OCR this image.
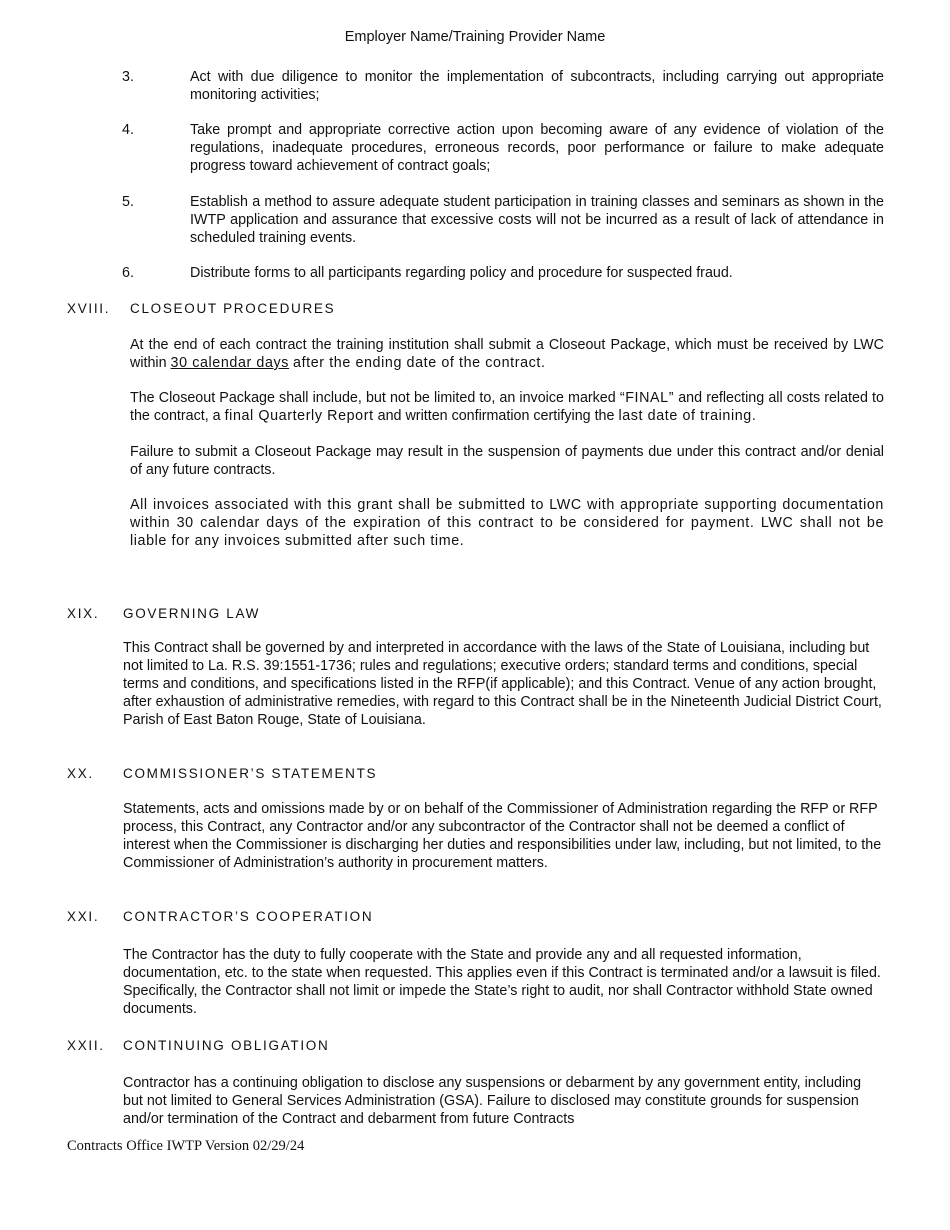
Employer Name/Training Provider Name
3.	Act with due diligence to monitor the implementation of subcontracts, including carrying out appropriate monitoring activities;
4.	Take prompt and appropriate corrective action upon becoming aware of any evidence of violation of the regulations, inadequate procedures, erroneous records, poor performance or failure to make adequate progress toward achievement of contract goals;
5.	Establish a method to assure adequate student participation in training classes and seminars as shown in the IWTP application and assurance that excessive costs will not be incurred as a result of lack of attendance in scheduled training events.
6.	Distribute forms to all participants regarding policy and procedure for suspected fraud.
XVIII. CLOSEOUT PROCEDURES
At the end of each contract the training institution shall submit a Closeout Package, which must be received by LWC within 30 calendar days after the ending date of the contract.
The Closeout Package shall include, but not be limited to, an invoice marked “FINAL” and reflecting all costs related to the contract, a final Quarterly Report and written confirmation certifying the last date of training.
Failure to submit a Closeout Package may result in the suspension of payments due under this contract and/or denial of any future contracts.
All invoices associated with this grant shall be submitted to LWC with appropriate supporting documentation within 30 calendar days of the expiration of this contract to be considered for payment. LWC shall not be liable for any invoices submitted after such time.
XIX. GOVERNING LAW
This Contract shall be governed by and interpreted in accordance with the laws of the State of Louisiana, including but not limited to La. R.S. 39:1551-1736; rules and regulations; executive orders; standard terms and conditions, special terms and conditions, and specifications listed in the RFP(if applicable); and this Contract. Venue of any action brought, after exhaustion of administrative remedies, with regard to this Contract shall be in the Nineteenth Judicial District Court, Parish of East Baton Rouge, State of Louisiana.
XX. COMMISSIONER’S STATEMENTS
Statements, acts and omissions made by or on behalf of the Commissioner of Administration regarding the RFP or RFP process, this Contract, any Contractor and/or any subcontractor of the Contractor shall not be deemed a conflict of interest when the Commissioner is discharging her duties and responsibilities under law, including, but not limited, to the Commissioner of Administration’s authority in procurement matters.
XXI. CONTRACTOR’S COOPERATION
The Contractor has the duty to fully cooperate with the State and provide any and all requested information, documentation, etc. to the state when requested. This applies even if this Contract is terminated and/or a lawsuit is filed. Specifically, the Contractor shall not limit or impede the State’s right to audit, nor shall Contractor withhold State owned documents.
XXII. CONTINUING OBLIGATION
Contractor has a continuing obligation to disclose any suspensions or debarment by any government entity, including but not limited to General Services Administration (GSA). Failure to disclosed may constitute grounds for suspension and/or termination of the Contract and debarment from future Contracts
Contracts Office IWTP Version 02/29/24
